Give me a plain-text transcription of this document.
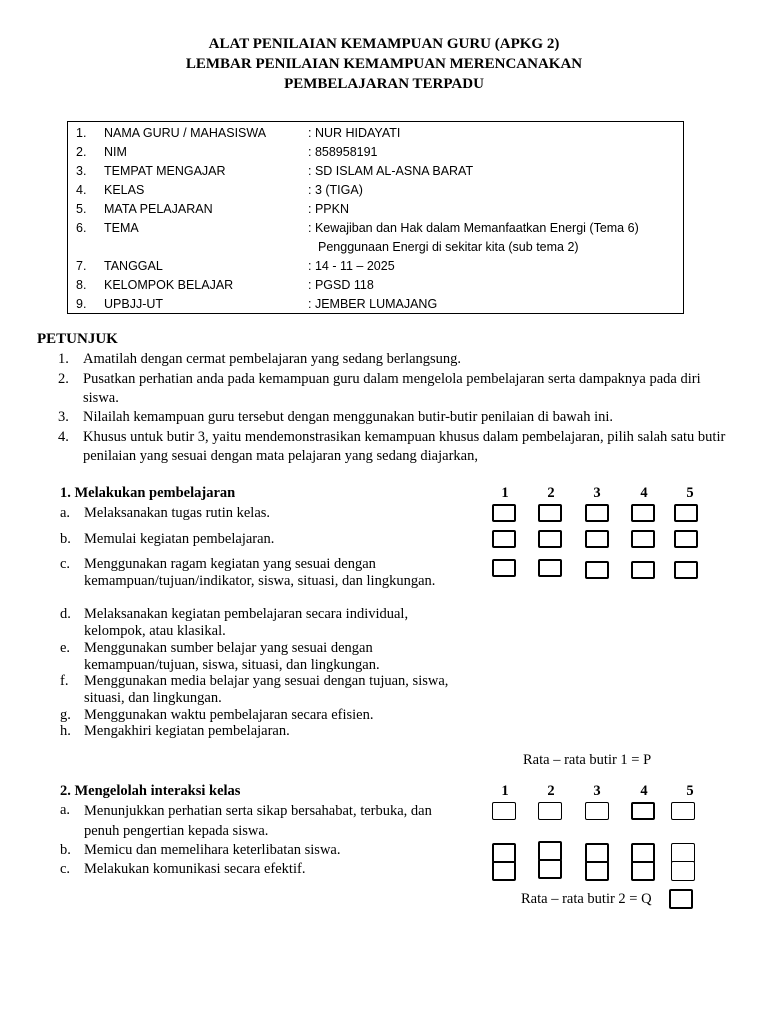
ALAT PENILAIAN KEMAMPUAN GURU (APKG 2)
LEMBAR PENILAIAN KEMAMPUAN MERENCANAKAN
PEMBELAJARAN TERPADU
1. NAMA GURU / MAHASISWA	: NUR HIDAYATI
2. NIM	: 858958191
3. TEMPAT MENGAJAR	: SD ISLAM AL-ASNA BARAT
4. KELAS	: 3 (TIGA)
5. MATA PELAJARAN	: PPKN
6. TEMA	: Kewajiban dan Hak dalam Memanfaatkan Energi (Tema 6)
Penggunaan Energi di sekitar kita (sub tema 2)
7. TANGGAL	: 14 - 11 – 2025
8. KELOMPOK BELAJAR	: PGSD 118
9. UPBJJ-UT	: JEMBER LUMAJANG
PETUNJUK
1. Amatilah dengan cermat pembelajaran yang sedang berlangsung.
2. Pusatkan perhatian anda pada kemampuan guru dalam mengelola pembelajaran serta dampaknya pada diri siswa.
3. Nilailah kemampuan guru tersebut dengan menggunakan butir-butir penilaian di bawah ini.
4. Khusus untuk butir 3, yaitu mendemonstrasikan kemampuan khusus dalam pembelajaran, pilih salah satu butir penilaian yang sesuai dengan mata pelajaran yang sedang diajarkan,
1. Melakukan pembelajaran	1	2	3	4	5
a. Melaksanakan tugas rutin kelas.
b. Memulai kegiatan pembelajaran.
c. Menggunakan ragam kegiatan yang sesuai dengan kemampuan/tujuan/indikator, siswa, situasi, dan lingkungan.
d. Melaksanakan kegiatan pembelajaran secara individual, kelompok, atau klasikal.
e. Menggunakan sumber belajar yang sesuai dengan kemampuan/tujuan, siswa, situasi, dan lingkungan.
f. Menggunakan media belajar yang sesuai dengan tujuan, siswa, situasi, dan lingkungan.
g. Menggunakan waktu pembelajaran secara efisien.
h. Mengakhiri kegiatan pembelajaran.
Rata – rata butir 1 = P
2. Mengelolah interaksi kelas	1	2	3	4	5
a. Menunjukkan perhatian serta sikap bersahabat, terbuka, dan penuh pengertian kepada siswa.
b. Memicu dan memelihara keterlibatan siswa.
c. Melakukan komunikasi secara efektif.
Rata – rata butir 2 = Q
